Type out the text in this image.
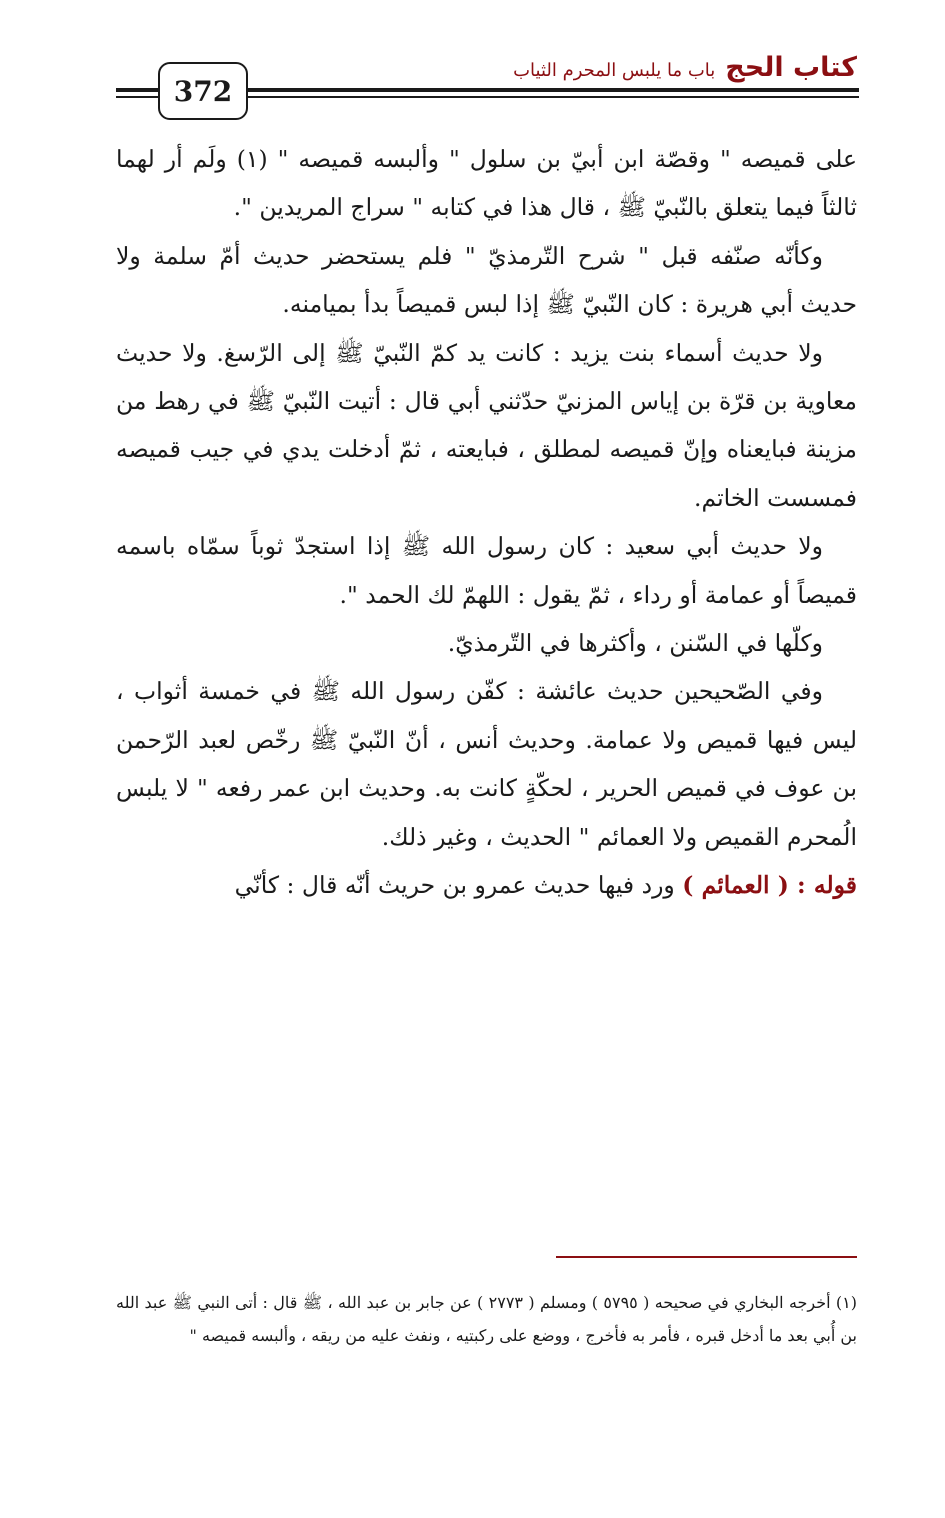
كتاب الحج
باب ما يلبس المحرم الثياب
372

على قميصه " وقصّة ابن أبيّ بن سلول " وألبسه قميصه " (١) ولَم أر لهما ثالثاً فيما يتعلق بالنّبيّ ﷺ ، قال هذا في كتابه " سراج المريدين ".

وكأنّه صنّفه قبل " شرح التّرمذيّ " فلم يستحضر حديث أمّ سلمة ولا حديث أبي هريرة : كان النّبيّ ﷺ إذا لبس قميصاً بدأ بميامنه.

ولا حديث أسماء بنت يزيد : كانت يد كمّ النّبيّ ﷺ إلى الرّسغ. ولا حديث معاوية بن قرّة بن إياس المزنيّ حدّثني أبي قال : أتيت النّبيّ ﷺ في رهط من مزينة فبايعناه وإنّ قميصه لمطلق ، فبايعته ، ثمّ أدخلت يدي في جيب قميصه فمسست الخاتم.

ولا حديث أبي سعيد : كان رسول الله ﷺ إذا استجدّ ثوباً سمّاه باسمه قميصاً أو عمامة أو رداء ، ثمّ يقول : اللهمّ لك الحمد ".

وكلّها في السّنن ، وأكثرها في التّرمذيّ.

وفي الصّحيحين حديث عائشة : كفّن رسول الله ﷺ في خمسة أثواب ، ليس فيها قميص ولا عمامة. وحديث أنس ، أنّ النّبيّ ﷺ رخّص لعبد الرّحمن بن عوف في قميص الحرير ، لحكّةٍ كانت به. وحديث ابن عمر رفعه " لا يلبس الُمحرم القميص ولا العمائم " الحديث ، وغير ذلك.

قوله : ( العمائم ) ورد فيها حديث عمرو بن حريث أنّه قال : كأنّي

(١) أخرجه البخاري في صحيحه ( ٥٧٩٥ ) ومسلم ( ٢٧٧٣ ) عن جابر بن عبد الله ، ﷺ قال : أتى النبي ﷺ عبد الله بن أُبي بعد ما أدخل قبره ، فأمر به فأخرج ، ووضع على ركبتيه ، ونفث عليه من ريقه ، وألبسه قميصه "
